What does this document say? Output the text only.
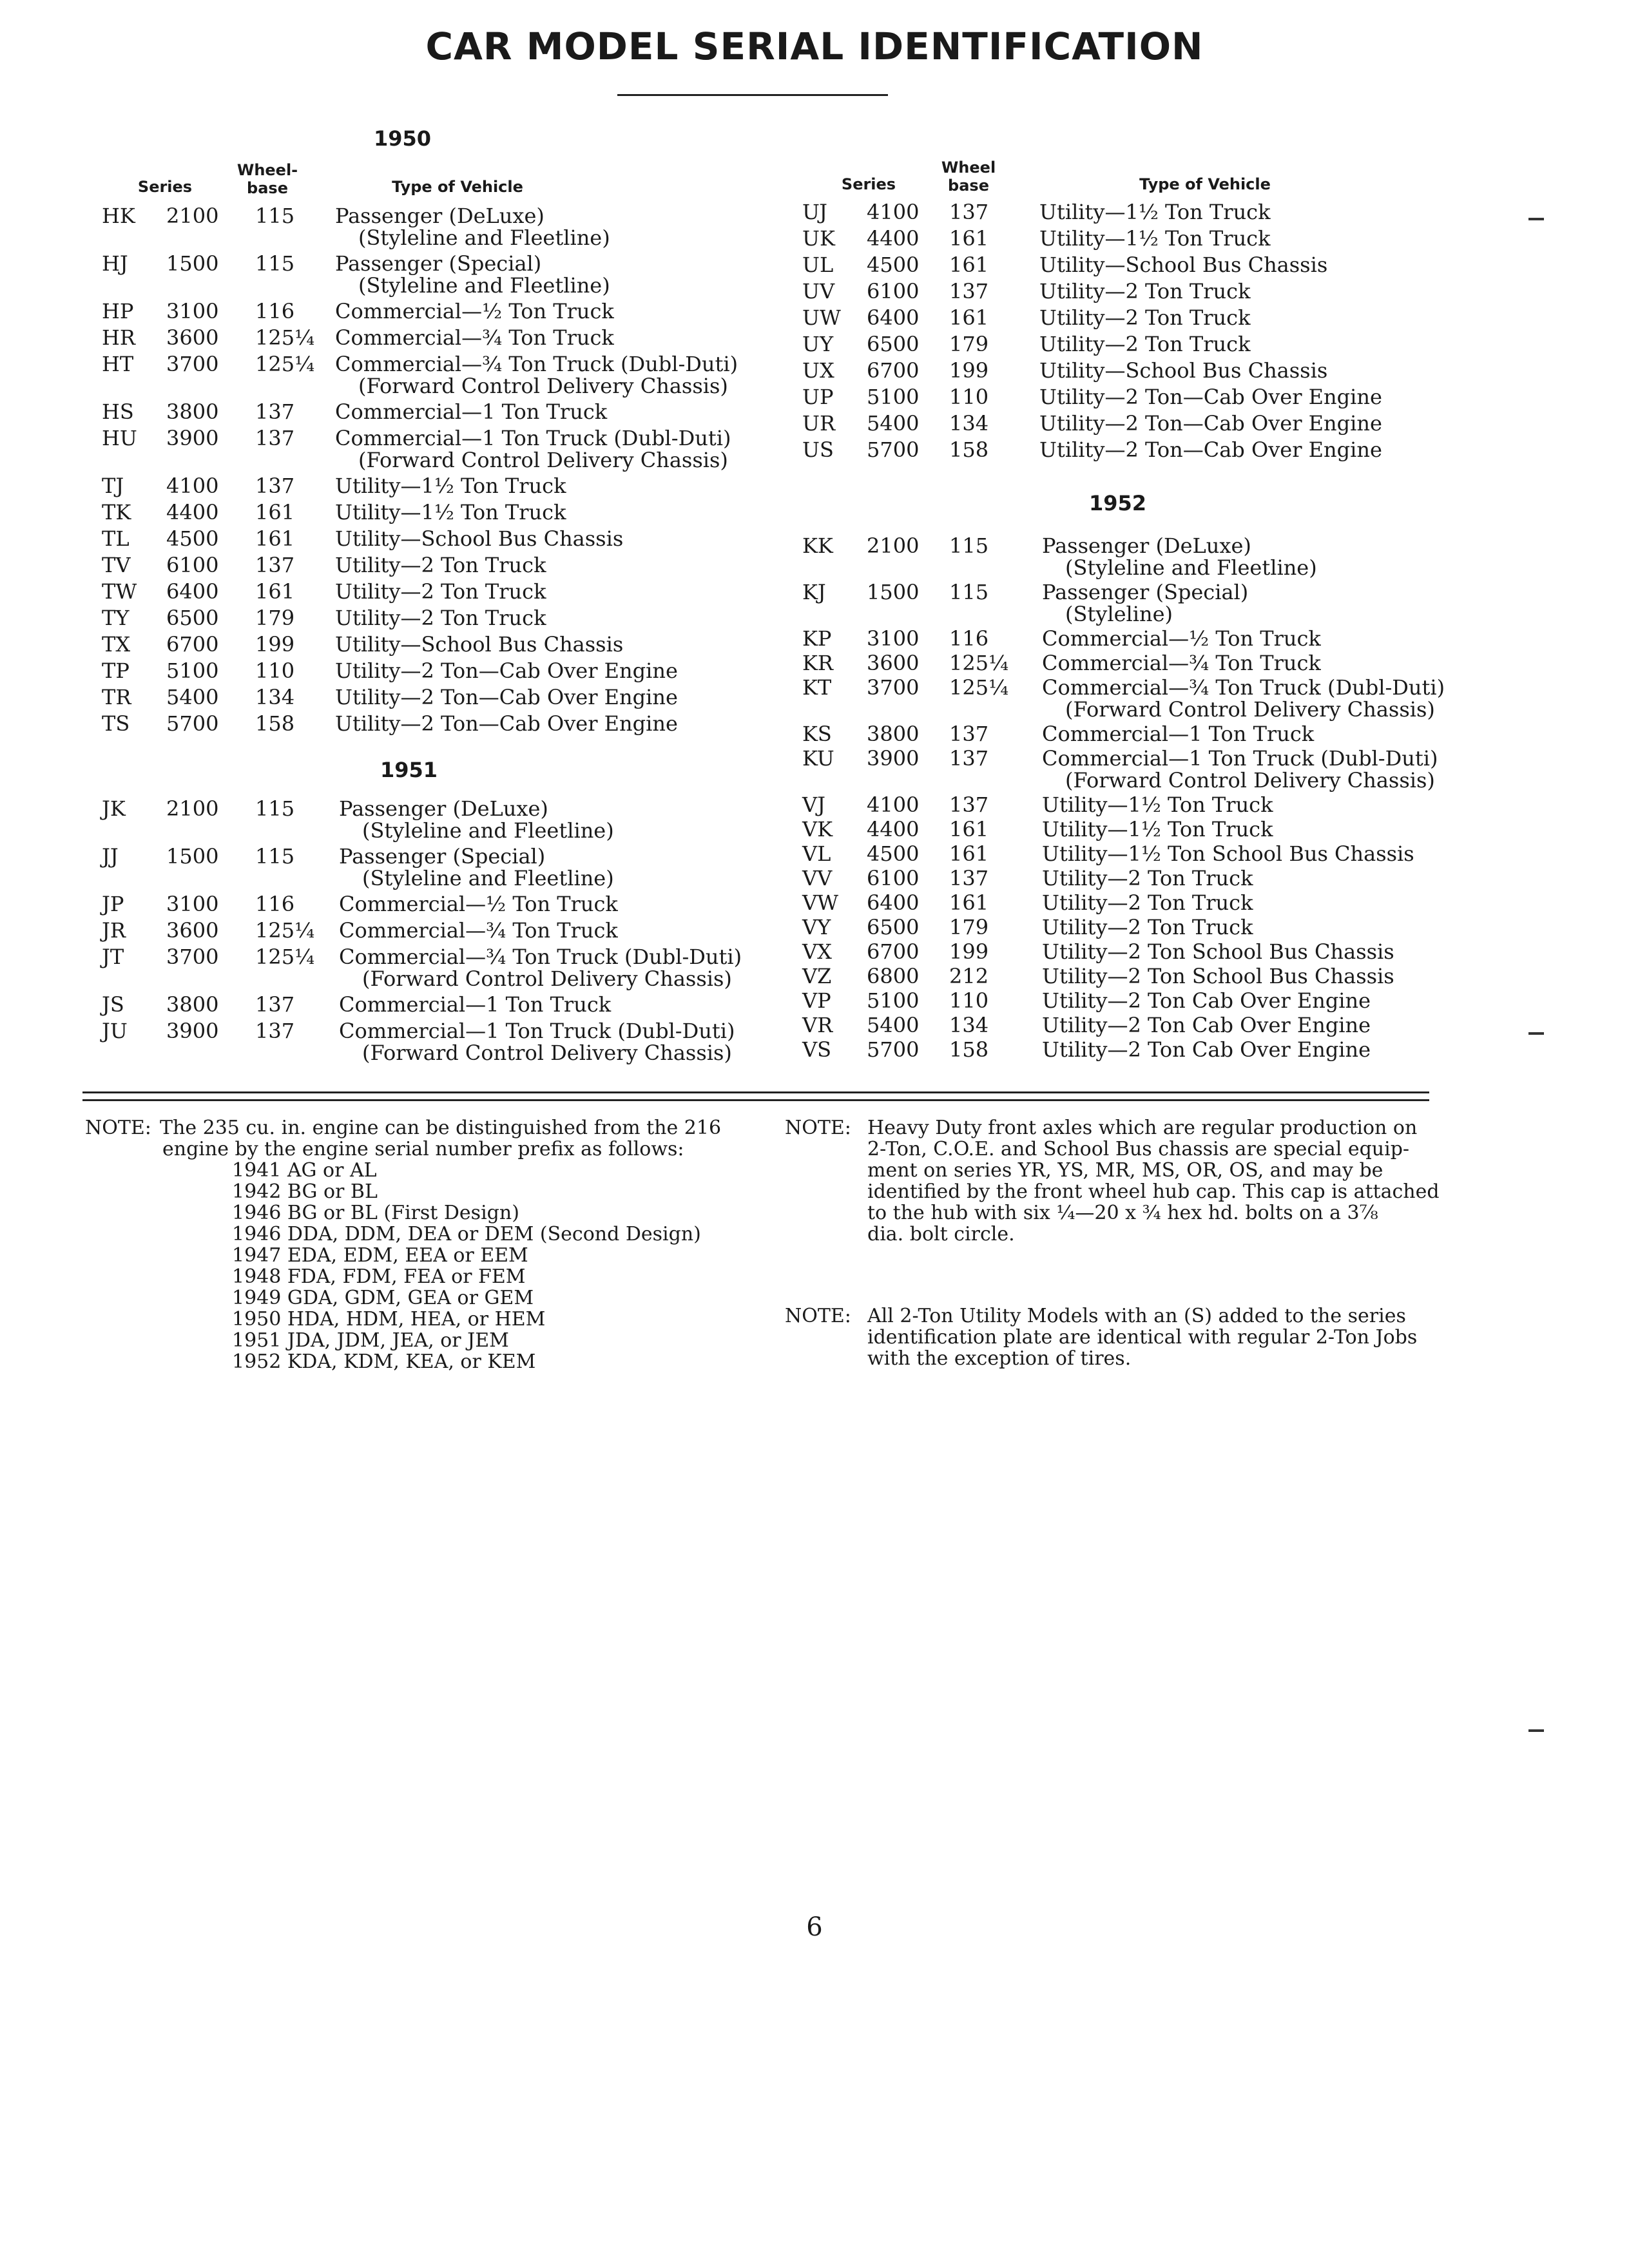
CAR MODEL SERIAL IDENTIFICATION
1950
Series
Wheel-
base	Type of Vehicle
HK 2100 115 Passenger (DeLuxe)
(Styleline and Fleetline)
HJ 1500 115 Passenger (Special)
(Styleline and Fleetline)
HP 3100 116 Commercial—½ Ton Truck
HR 3600 125¼ Commercial—¾ Ton Truck
HT 3700 125¼ Commercial—¾ Ton Truck (Dubl-Duti)
(Forward Control Delivery Chassis)
HS 3800 137 Commercial—1 Ton Truck
HU 3900 137 Commercial—1 Ton Truck (Dubl-Duti)
(Forward Control Delivery Chassis)
TJ 4100 137 Utility—1½ Ton Truck
TK 4400 161 Utility—1½ Ton Truck
TL 4500 161 Utility—School Bus Chassis
TV 6100 137 Utility—2 Ton Truck
TW 6400 161 Utility—2 Ton Truck
TY 6500 179 Utility—2 Ton Truck
TX 6700 199 Utility—School Bus Chassis
TP 5100 110 Utility—2 Ton—Cab Over Engine
TR 5400 134 Utility—2 Ton—Cab Over Engine
TS 5700 158 Utility—2 Ton—Cab Over Engine
1951
JK 2100 115 Passenger (DeLuxe)
(Styleline and Fleetline)
JJ 1500 115 Passenger (Special)
(Styleline and Fleetline)
JP 3100 116 Commercial—½ Ton Truck
JR 3600 125¼ Commercial—¾ Ton Truck
JT 3700 125¼ Commercial—¾ Ton Truck (Dubl-Duti)
(Forward Control Delivery Chassis)
JS 3800 137 Commercial—1 Ton Truck
JU 3900 137 Commercial—1 Ton Truck (Dubl-Duti)
(Forward Control Delivery Chassis)
Series
Wheel
base	Type of Vehicle
UJ 4100 137 Utility—1½ Ton Truck
UK 4400 161 Utility—1½ Ton Truck
UL 4500 161 Utility—School Bus Chassis
UV 6100 137 Utility—2 Ton Truck
UW 6400 161 Utility—2 Ton Truck
UY 6500 179 Utility—2 Ton Truck
UX 6700 199 Utility—School Bus Chassis
UP 5100 110 Utility—2 Ton—Cab Over Engine
UR 5400 134 Utility—2 Ton—Cab Over Engine
US 5700 158 Utility—2 Ton—Cab Over Engine
1952
KK 2100 115	Passenger (DeLuxe)
(Styleline and Fleetline)
KJ 1500 115	Passenger (Special)
(Styleline)
KP 3100 116	Commercial—½ Ton Truck
KR 3600 125¼ Commercial—¾ Ton Truck
KT 3700 125¼ Commercial—¾ Ton Truck (Dubl-Duti)
(Forward Control Delivery Chassis)
KS 3800 137	Commercial—1 Ton Truck
KU 3900 137	Commercial—1 Ton Truck (Dubl-Duti)
(Forward Control Delivery Chassis)
VJ 4100 137	Utility—1½ Ton Truck
VK 4400 161	Utility—1½ Ton Truck
VL 4500 161	Utility—1½ Ton School Bus Chassis
VV 6100 137	Utility—2 Ton Truck
VW 6400 161	Utility—2 Ton Truck
VY 6500 179	Utility—2 Ton Truck
VX 6700 199	Utility—2 Ton School Bus Chassis
VZ 6800 212	Utility—2 Ton School Bus Chassis
VP 5100 110	Utility—2 Ton Cab Over Engine
VR 5400 134	Utility—2 Ton Cab Over Engine
VS 5700 158	Utility—2 Ton Cab Over Engine
NOTE: The 235 cu. in. engine can be distinguished from the 216
engine by the engine serial number prefix as follows:
1941 AG or AL
1942 BG or BL
1946 BG or BL (First Design)
1946 DDA, DDM, DEA or DEM (Second Design)
1947 EDA, EDM, EEA or EEM
1948 FDA, FDM, FEA or FEM
1949 GDA, GDM, GEA or GEM
1950 HDA, HDM, HEA, or HEM
1951 JDA, JDM, JEA, or JEM
1952 KDA, KDM, KEA, or KEM
NOTE: Heavy Duty front axles which are regular production on
2-Ton, C.O.E. and School Bus chassis are special equip-
ment on series YR, YS, MR, MS, OR, OS, and may be
identified by the front wheel hub cap. This cap is attached
to the hub with six ¼—20 x ¾ hex hd. bolts on a 3⅞
dia. bolt circle.
NOTE: All 2-Ton Utility Models with an (S) added to the series
identification plate are identical with regular 2-Ton Jobs
with the exception of tires.
6
